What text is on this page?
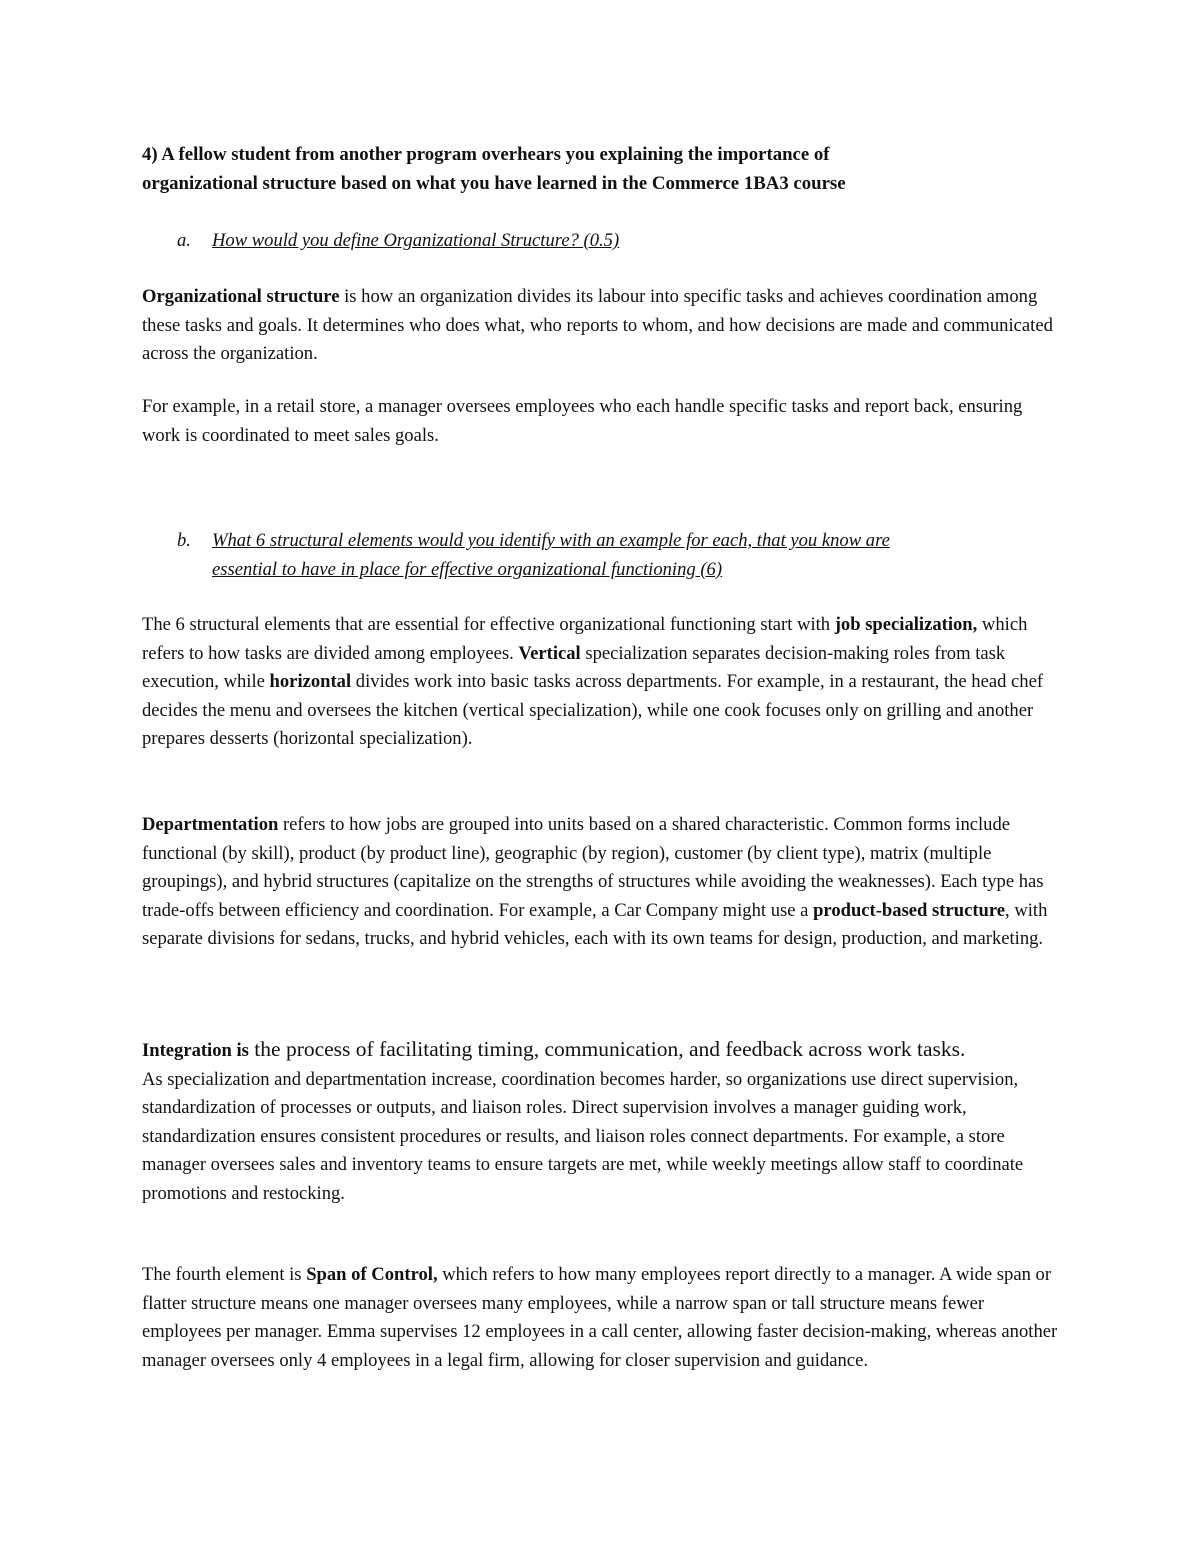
4) A fellow student from another program overhears you explaining the importance of
organizational structure based on what you have learned in the Commerce 1BA3 course

a. How would you define Organizational Structure? (0.5)

Organizational structure is how an organization divides its labour into specific tasks and achieves coordination among these tasks and goals. It determines who does what, who reports to whom, and how decisions are made and communicated across the organization.

For example, in a retail store, a manager oversees employees who each handle specific tasks and report back, ensuring work is coordinated to meet sales goals.

b. What 6 structural elements would you identify with an example for each, that you know are
essential to have in place for effective organizational functioning (6)

The 6 structural elements that are essential for effective organizational functioning start with job specialization, which refers to how tasks are divided among employees. Vertical specialization separates decision-making roles from task execution, while horizontal divides work into basic tasks across departments. For example, in a restaurant, the head chef decides the menu and oversees the kitchen (vertical specialization), while one cook focuses only on grilling and another prepares desserts (horizontal specialization).

Departmentation refers to how jobs are grouped into units based on a shared characteristic. Common forms include functional (by skill), product (by product line), geographic (by region), customer (by client type), matrix (multiple groupings), and hybrid structures (capitalize on the strengths of structures while avoiding the weaknesses). Each type has trade-offs between efficiency and coordination. For example, a Car Company might use a product-based structure, with separate divisions for sedans, trucks, and hybrid vehicles, each with its own teams for design, production, and marketing.

Integration is the process of facilitating timing, communication, and feedback across work tasks.
As specialization and departmentation increase, coordination becomes harder, so organizations use direct supervision, standardization of processes or outputs, and liaison roles. Direct supervision involves a manager guiding work, standardization ensures consistent procedures or results, and liaison roles connect departments. For example, a store manager oversees sales and inventory teams to ensure targets are met, while weekly meetings allow staff to coordinate promotions and restocking.

The fourth element is Span of Control, which refers to how many employees report directly to a manager. A wide span or flatter structure means one manager oversees many employees, while a narrow span or tall structure means fewer employees per manager. Emma supervises 12 employees in a call center, allowing faster decision-making, whereas another manager oversees only 4 employees in a legal firm, allowing for closer supervision and guidance.
